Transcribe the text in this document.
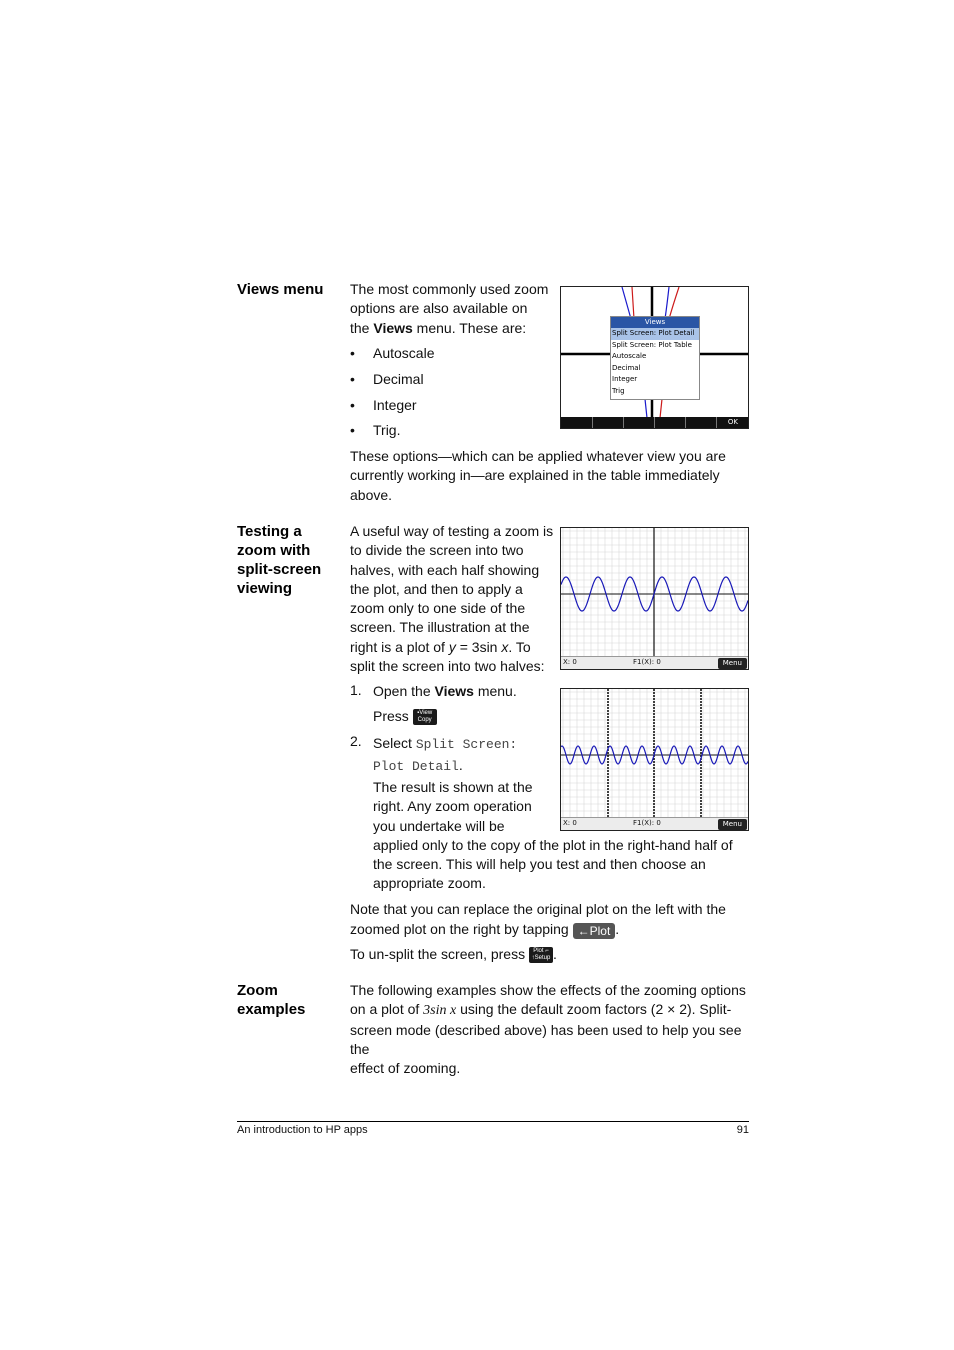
Views menu	The most commonly used zoom options are also available on the Views menu. These are:
• Autoscale
• Decimal
• Integer
• Trig.
These options—which can be applied whatever view you are currently working in—are explained in the table immediately above.
Views
Split Screen: Plot Detail
Split Screen: Plot Table
Autoscale
Decimal
Integer
Trig
OK
Testing a
zoom with
split-screen
viewing
A useful way of testing a zoom is
to divide the screen into two
halves, with each half showing
the plot, and then to apply a
zoom only to one side of the
screen. The illustration at the
right is a plot of y = 3sin x. To
split the screen into two halves:
1. Open the Views menu.
Press	▪View
Copy
2. Select Split Screen:
Plot Detail.
The result is shown at the
right. Any zoom operation
you undertake will be
applied only to the copy of the plot in the right-hand half of
the screen. This will help you test and then choose an
appropriate zoom.
Note that you can replace the original plot on the left with the
zoomed plot on the right by tapping ←Plot .
To un-split the screen, press Plot ⌐
↑Setup .
X: 0	F1(X): 0	Menu
X: 0	F1(X): 0	Menu
Zoom
examples
The following examples show the effects of the zooming options
on a plot of 3sin x using the default zoom factors (2 × 2). Split-
screen mode (described above) has been used to help you see the
effect of zooming.
An introduction to HP apps	91
